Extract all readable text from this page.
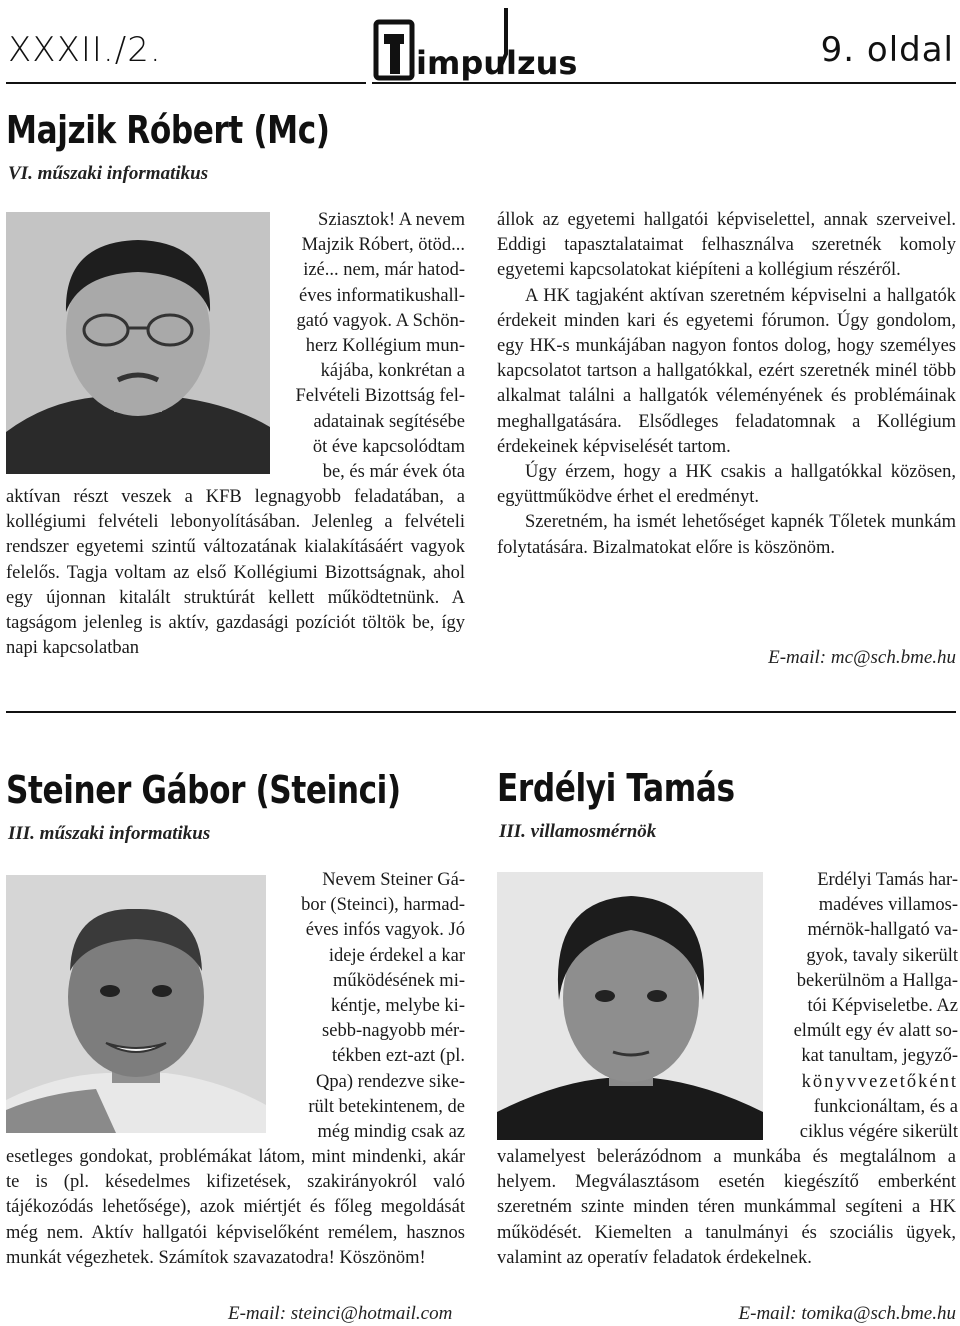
XXXII./2.	impulzus	9. oldal
Majzik Róbert (Mc)
VI. műszaki informatikus
Sziasztok! A nevem
Majzik Róbert, ötöd...
izé... nem, már hatod-
éves informatikushall-
gató vagyok. A Schön-
herz Kollégium mun-
kájába, konkrétan a
Felvételi Bizottság fel-
adatainak segítésébe
öt éve kapcsolódtam
be, és már évek óta

aktívan részt veszek a KFB legnagyobb feladatában, a kollégiumi felvételi lebonyolításában. Jelenleg a felvételi rendszer egyetemi szintű változatának kialakításáért vagyok felelős. Tagja voltam az első Kollégiumi Bizottságnak, ahol egy újonnan kitalált struktúrát kellett működtetnünk. A tagságom jelenleg is aktív, gazdasági pozíciót töltök be, így napi kapcsolatban

állok az egyetemi hallgatói képviselettel, annak szerveivel. Eddigi tapasztalataimat felhasználva szeretnék komoly egyetemi kapcsolatokat kiépíteni a kollégium részéről.

A HK tagjaként aktívan szeretném képviselni a hallgatók érdekeit minden kari és egyetemi fórumon. Úgy gondolom, egy HK-s munkájában nagyon fontos dolog, hogy személyes kapcsolatot tartson a hallgatókkal, ezért szeretnék minél több alkalmat találni a hallgatók véleményének és problémáinak meghallgatására. Elsődleges feladatomnak a Kollégium érdekeinek képviselését tartom.

Úgy érzem, hogy a HK csakis a hallgatókkal közösen, együttműködve érhet el eredményt.

Szeretném, ha ismét lehetőséget kapnék Tőletek munkám folytatására. Bizalmatokat előre is köszönöm.

E-mail: mc@sch.bme.hu
Steiner Gábor (Steinci)
III. műszaki informatikus
Nevem Steiner Gá-
bor (Steinci), harmad-
éves infós vagyok. Jó
ideje érdekel a kar
működésének mi-
kéntje, melybe ki-
sebb-nagyobb mér-
tékben ezt-azt (pl.
Qpa) rendezve sike-
rült betekintenem, de
még mindig csak az

esetleges gondokat, problémákat látom, mint mindenki, akár te is (pl. késedelmes kifizetések, szakirányokról való tájékozódás lehetősége), azok miértjét és főleg megoldását még nem. Aktív hallgatói képviselőként remélem, hasznos munkát végezhetek. Számítok szavazatodra! Köszönöm!

E-mail: steinci@hotmail.com
Erdélyi Tamás
III. villamosmérnök
Erdélyi Tamás har-
madéves villamos-
mérnök-hallgató va-
gyok, tavaly sikerült
bekerülnöm a Hallga-
tói Képviseletbe. Az
elmúlt egy év alatt so-
kat tanultam, jegyző-
könyvvezetőként
funkcionáltam, és a
ciklus végére sikerült

valamelyest belerázódnom a munkába és megtalálnom a helyem. Megválasztásom esetén kiegészítő emberként szeretném szinte minden téren munkámmal segíteni a HK működését. Kiemelten a tanulmányi és szociális ügyek, valamint az operatív feladatok érdekelnek.

E-mail: tomika@sch.bme.hu
